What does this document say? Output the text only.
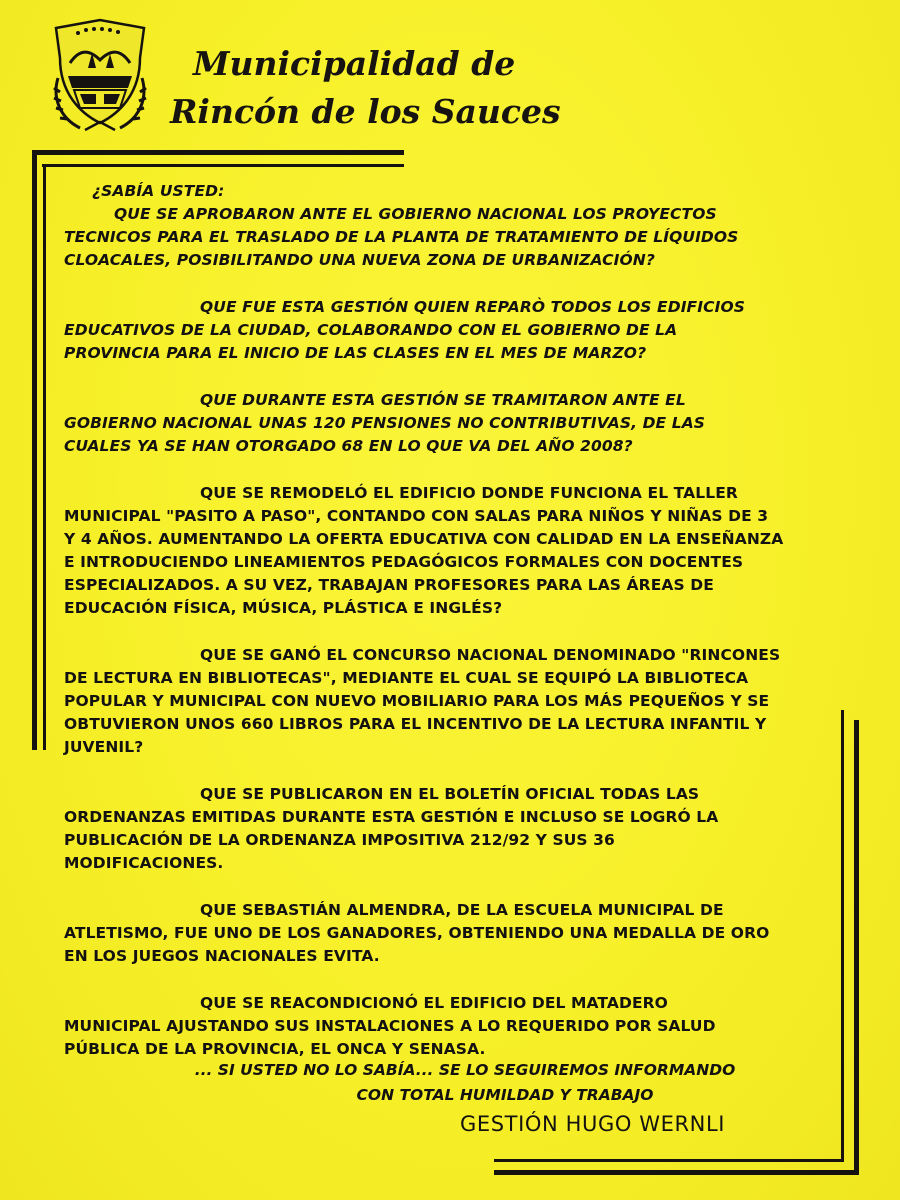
Municipalidad de
Rincón de los Sauces
¿SABÍA USTED:

QUE SE APROBARON ANTE EL GOBIERNO NACIONAL LOS PROYECTOS TECNICOS PARA EL TRASLADO DE LA PLANTA DE TRATAMIENTO DE LÍQUIDOS CLOACALES, POSIBILITANDO UNA NUEVA ZONA DE URBANIZACIÓN?

QUE FUE ESTA GESTIÓN QUIEN REPARÒ TODOS LOS EDIFICIOS EDUCATIVOS DE LA CIUDAD, COLABORANDO CON EL GOBIERNO DE LA PROVINCIA PARA EL INICIO DE LAS CLASES EN EL MES DE MARZO?

QUE DURANTE ESTA GESTIÓN SE TRAMITARON ANTE EL GOBIERNO NACIONAL UNAS 120 PENSIONES NO CONTRIBUTIVAS, DE LAS CUALES YA SE HAN OTORGADO 68 EN LO QUE VA DEL AÑO 2008?

QUE SE REMODELÓ EL EDIFICIO DONDE FUNCIONA EL TALLER MUNICIPAL "PASITO A PASO", CONTANDO CON SALAS PARA NIÑOS Y NIÑAS DE 3 Y 4 AÑOS. AUMENTANDO LA OFERTA EDUCATIVA CON CALIDAD EN LA ENSEÑANZA E INTRODUCIENDO LINEAMIENTOS PEDAGÓGICOS FORMALES CON DOCENTES ESPECIALIZADOS. A SU VEZ, TRABAJAN PROFESORES PARA LAS ÁREAS DE EDUCACIÓN FÍSICA, MÚSICA, PLÁSTICA E INGLÉS?

QUE SE GANÓ EL CONCURSO NACIONAL DENOMINADO "RINCONES DE LECTURA EN BIBLIOTECAS", MEDIANTE EL CUAL SE EQUIPÓ LA BIBLIOTECA POPULAR Y MUNICIPAL CON NUEVO MOBILIARIO PARA LOS MÁS PEQUEÑOS Y SE OBTUVIERON UNOS 660 LIBROS PARA EL INCENTIVO DE LA LECTURA INFANTIL Y JUVENIL?

QUE SE PUBLICARON EN EL BOLETÍN OFICIAL TODAS LAS ORDENANZAS EMITIDAS DURANTE ESTA GESTIÓN E INCLUSO SE LOGRÓ LA PUBLICACIÓN DE LA ORDENANZA IMPOSITIVA 212/92 Y SUS 36 MODIFICACIONES.

QUE SEBASTIÁN ALMENDRA, DE LA ESCUELA MUNICIPAL DE ATLETISMO, FUE UNO DE LOS GANADORES, OBTENIENDO UNA MEDALLA DE ORO EN LOS JUEGOS NACIONALES EVITA.

QUE SE REACONDICIONÓ EL EDIFICIO DEL MATADERO MUNICIPAL AJUSTANDO SUS INSTALACIONES A LO REQUERIDO POR SALUD PÚBLICA DE LA PROVINCIA, EL ONCA Y SENASA.

... SI USTED NO LO SABÍA... SE LO SEGUIREMOS INFORMANDO
CON TOTAL HUMILDAD Y TRABAJO
GESTIÓN HUGO WERNLI
